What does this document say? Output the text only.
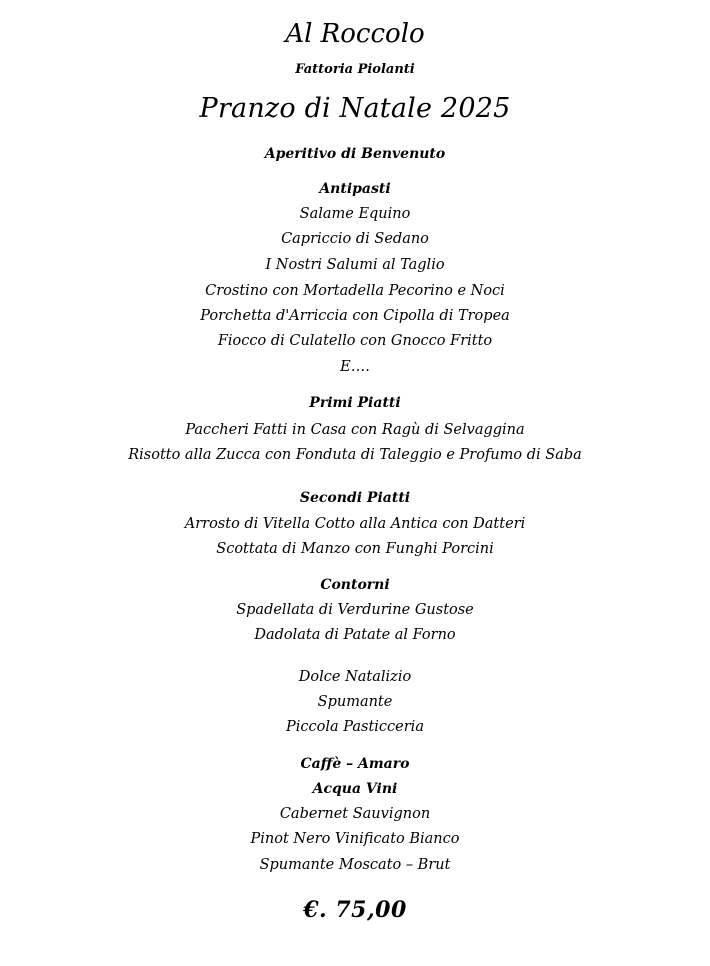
Al Roccolo
Fattoria Piolanti
Pranzo di Natale 2025
Aperitivo di Benvenuto
Antipasti
Salame Equino
Capriccio di Sedano
I Nostri Salumi al Taglio
Crostino con Mortadella Pecorino e Noci
Porchetta d'Arriccia con Cipolla di Tropea
Fiocco di Culatello con Gnocco Fritto
E….
Primi Piatti
Paccheri Fatti in Casa con Ragù di Selvaggina
Risotto alla Zucca con Fonduta di Taleggio e Profumo di Saba
Secondi Piatti
Arrosto di Vitella Cotto alla Antica con Datteri
Scottata di Manzo con Funghi Porcini
Contorni
Spadellata di Verdurine Gustose
Dadolata di Patate al Forno
Dolce Natalizio
Spumante
Piccola Pasticceria
Caffè – Amaro
Acqua Vini
Cabernet Sauvignon
Pinot Nero Vinificato Bianco
Spumante Moscato – Brut
€. 75,00
